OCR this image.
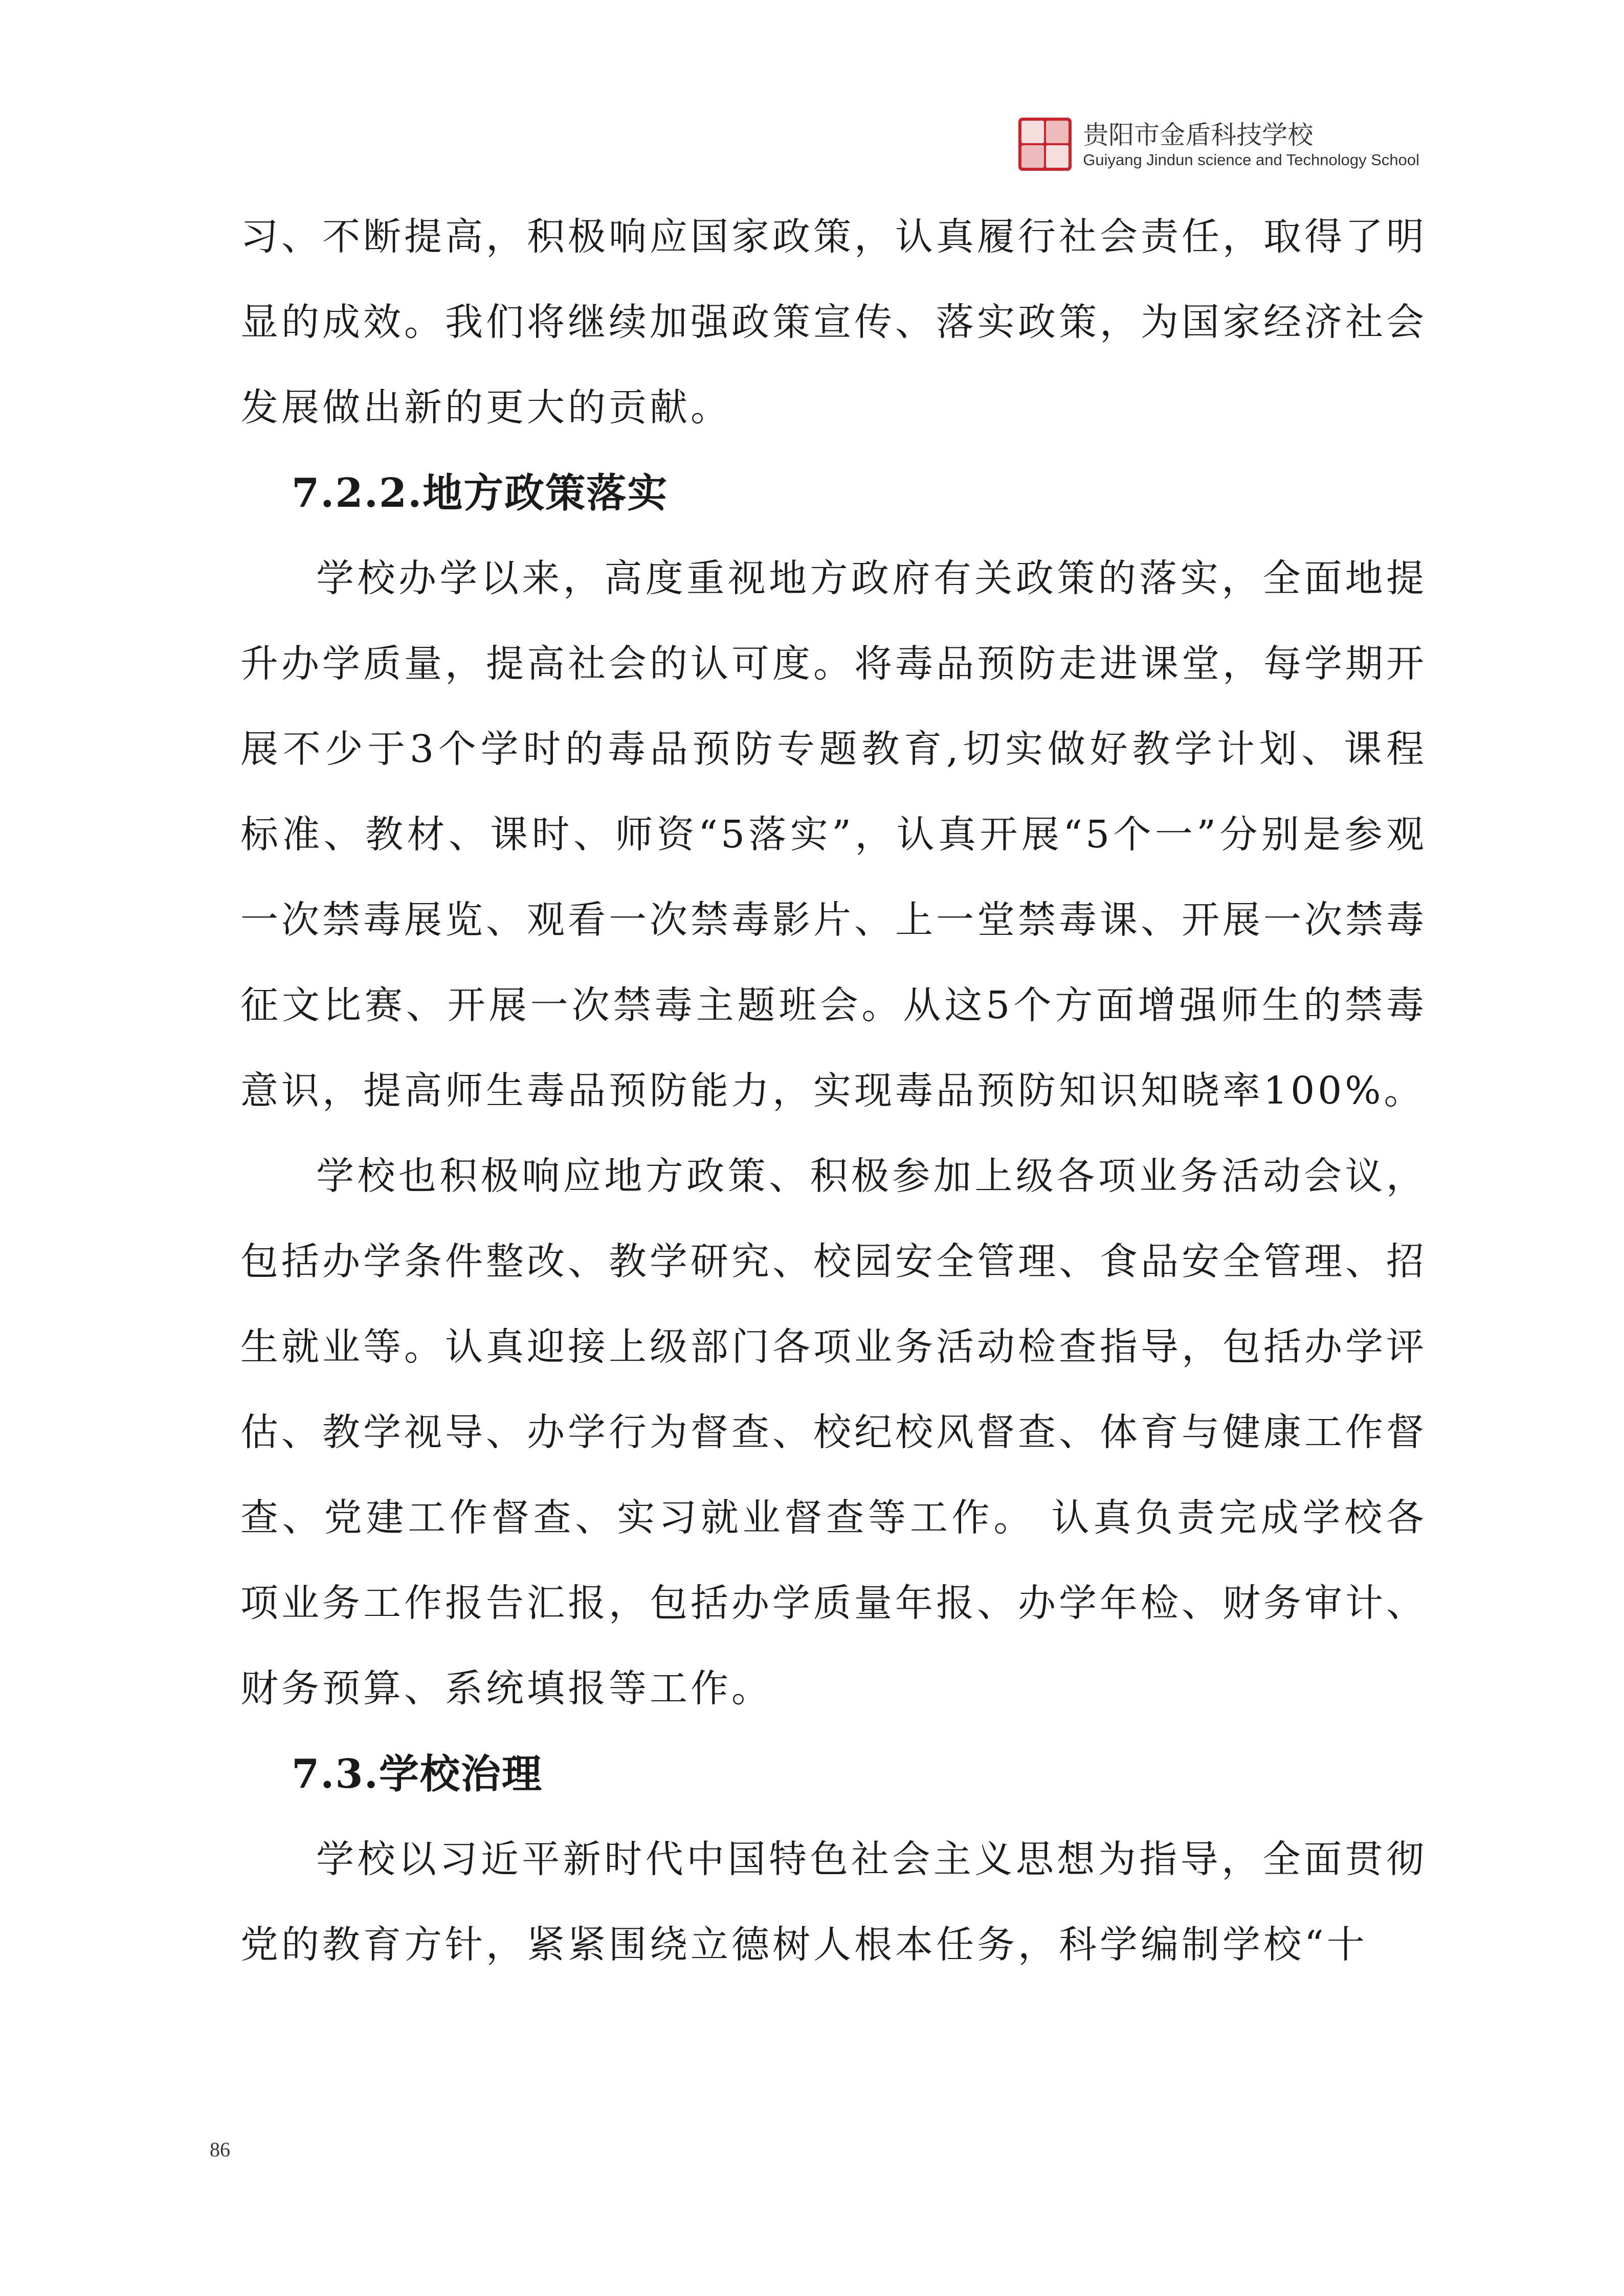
贵阳市金盾科技学校
Guiyang Jindun science and Technology School

习、不断提高，积极响应国家政策，认真履行社会责任，取得了明显的成效。我们将继续加强政策宣传、落实政策，为国家经济社会发展做出新的更大的贡献。

7.2.2.地方政策落实

学校办学以来，高度重视地方政府有关政策的落实，全面地提升办学质量，提高社会的认可度。将毒品预防走进课堂，每学期开展不少于3个学时的毒品预防专题教育,切实做好教学计划、课程标准、教材、课时、师资“5落实”，认真开展“5个一”分别是参观一次禁毒展览、观看一次禁毒影片、上一堂禁毒课、开展一次禁毒征文比赛、开展一次禁毒主题班会。从这5个方面增强师生的禁毒意识，提高师生毒品预防能力，实现毒品预防知识知晓率100%。

学校也积极响应地方政策、积极参加上级各项业务活动会议，包括办学条件整改、教学研究、校园安全管理、食品安全管理、招生就业等。认真迎接上级部门各项业务活动检查指导，包括办学评估、教学视导、办学行为督查、校纪校风督查、体育与健康工作督查、党建工作督查、实习就业督查等工作。 认真负责完成学校各项业务工作报告汇报，包括办学质量年报、办学年检、财务审计、财务预算、系统填报等工作。

7.3.学校治理

学校以习近平新时代中国特色社会主义思想为指导，全面贯彻党的教育方针，紧紧围绕立德树人根本任务，科学编制学校“十

86
